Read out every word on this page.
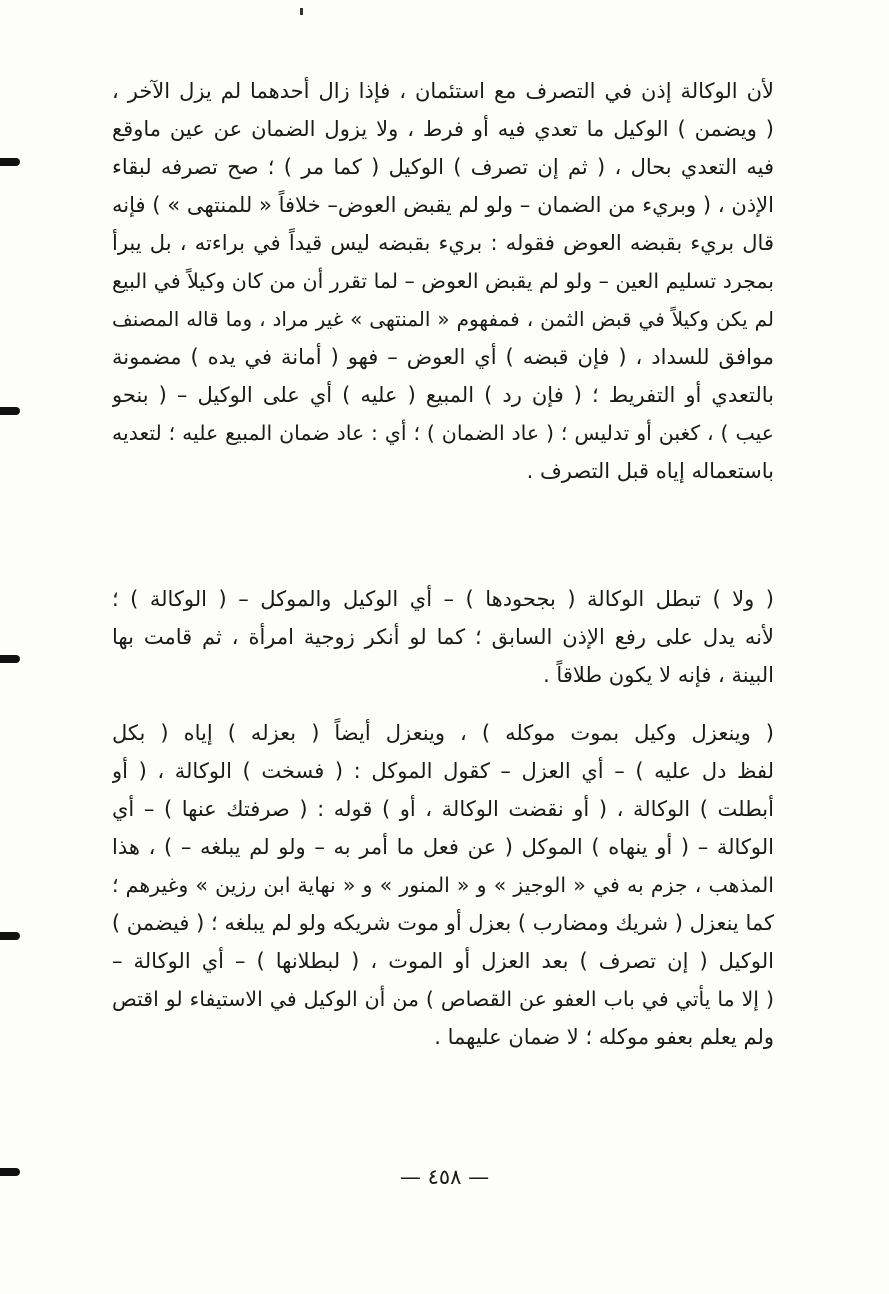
لأن الوكالة إذن في التصرف مع استئمان ، فإذا زال أحدهما لم يزل الآخر ،
( ويضمن ) الوكيل ما تعدي فيه أو فرط ، ولا يزول الضمان عن عين ماوقع
فيه التعدي بحال ، ( ثم إن تصرف ) الوكيل ( كما مر ) ؛ صح تصرفه لبقاء
الإذن ، ( وبريء من الضمان – ولو لم يقبض العوض– خلافاً « للمنتهى » ) فإنه
قال بريء بقبضه العوض فقوله : بريء بقبضه ليس قيداً في براءته ، بل يبرأ
بمجرد تسليم العين – ولو لم يقبض العوض – لما تقرر أن من كان وكيلاً في البيع
لم يكن وكيلاً في قبض الثمن ، فمفهوم « المنتهى » غير مراد ، وما قاله المصنف
موافق للسداد ، ( فإن قبضه ) أي العوض – فهو ( أمانة في يده ) مضمونة
بالتعدي أو التفريط ؛ ( فإن رد ) المبيع ( عليه ) أي على الوكيل – ( بنحو
عيب ) ، كغبن أو تدليس ؛ ( عاد الضمان ) ؛ أي : عاد ضمان المبيع عليه ؛ لتعديه
باستعماله إياه قبل التصرف .
( ولا ) تبطل الوكالة ( بجحودها ) – أي الوكيل والموكل – ( الوكالة ) ؛
لأنه يدل على رفع الإذن السابق ؛ كما لو أنكر زوجية امرأة ، ثم قامت بها
البينة ، فإنه لا يكون طلاقاً .
( وينعزل وكيل بموت موكله ) ، وينعزل أيضاً ( بعزله ) إياه ( بكل
لفظ دل عليه ) – أي العزل – كقول الموكل : ( فسخت ) الوكالة ، ( أو
أبطلت ) الوكالة ، ( أو نقضت الوكالة ، أو ) قوله : ( صرفتك عنها ) – أي
الوكالة – ( أو ينهاه ) الموكل ( عن فعل ما أمر به – ولو لم يبلغه – ) ، هذا
المذهب ، جزم به في « الوجيز » و « المنور » و « نهاية ابن رزين » وغيرهم ؛
كما ينعزل ( شريك ومضارب ) بعزل أو موت شريكه ولو لم يبلغه ؛ ( فيضمن )
الوكيل ( إن تصرف ) بعد العزل أو الموت ، ( لبطلانها ) – أي الوكالة –
( إلا ما يأتي في باب العفو عن القصاص ) من أن الوكيل في الاستيفاء لو اقتص
ولم يعلم بعفو موكله ؛ لا ضمان عليهما .
— ٤٥٨ —
